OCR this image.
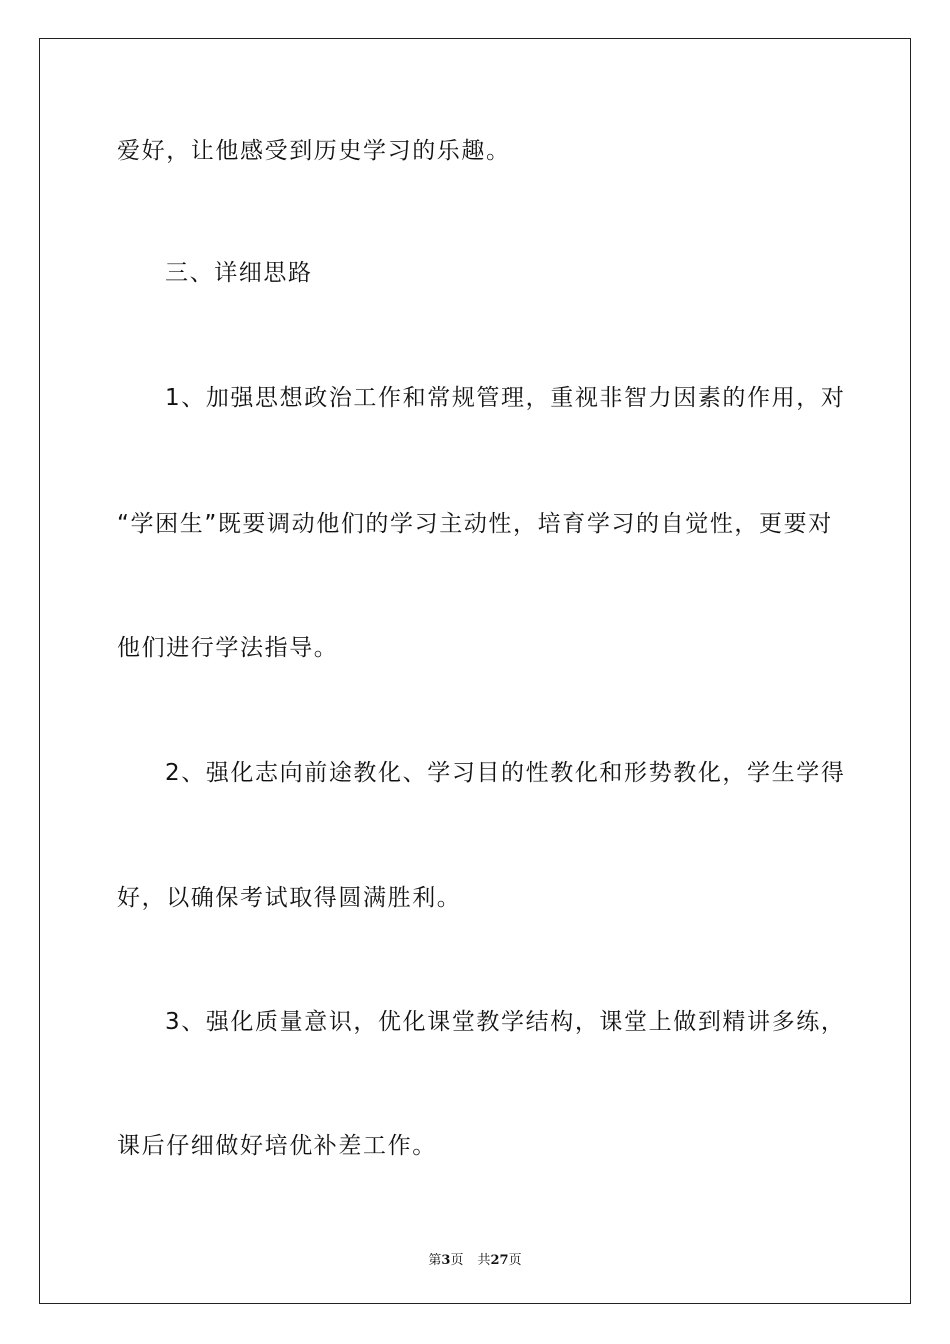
爱好，让他感受到历史学习的乐趣。
三、详细思路
1、加强思想政治工作和常规管理，重视非智力因素的作用，对
“学困生”既要调动他们的学习主动性，培育学习的自觉性，更要对
他们进行学法指导。
2、强化志向前途教化、学习目的性教化和形势教化，学生学得
好，以确保考试取得圆满胜利。
3、强化质量意识，优化课堂教学结构，课堂上做到精讲多练，
课后仔细做好培优补差工作。
第3页 共27页
